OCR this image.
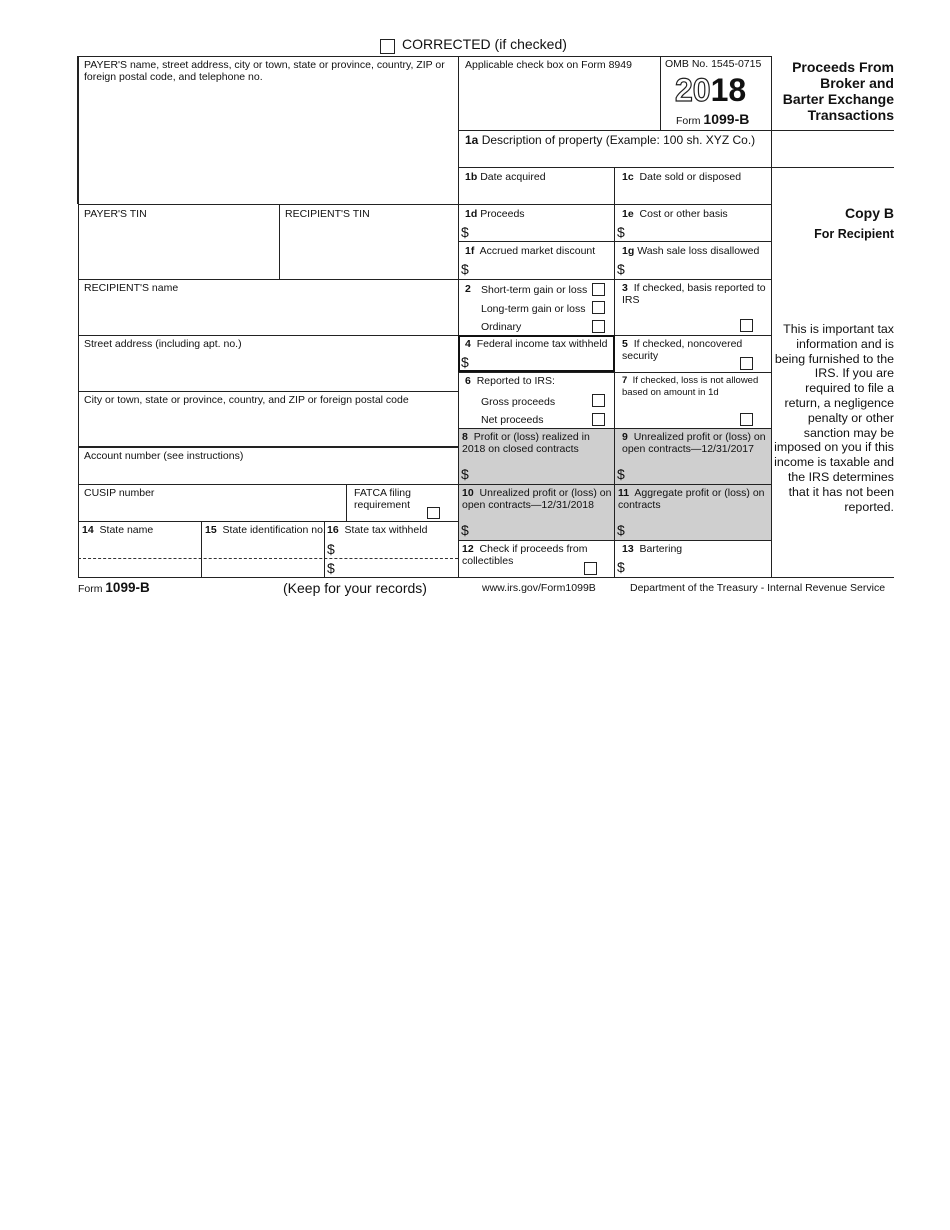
CORRECTED (if checked)
PAYER'S name, street address, city or town, state or province, country, ZIP or foreign postal code, and telephone no.
PAYER'S TIN	RECIPIENT'S TIN
RECIPIENT'S name
Street address (including apt. no.)
City or town, state or province, country, and ZIP or foreign postal code
Account number (see instructions)
CUSIP number	FATCA filing requirement
14 State name	15 State identification no. 16 State tax withheld
$
$
Applicable check box on Form 8949	OMB No. 1545-0715
2018
Form 1099-B
Proceeds From
Broker and
Barter Exchange
Transactions
1a Description of property (Example: 100 sh. XYZ Co.)
1b Date acquired	1c Date sold or disposed
1d Proceeds
$
1e Cost or other basis
$
1f Accrued market discount
$
1g Wash sale loss disallowed
$
2 Short-term gain or loss
Long-term gain or loss
Ordinary
3 If checked, basis reported to IRS
4 Federal income tax withheld
$
5 If checked, noncovered security
6 Reported to IRS:
Gross proceeds
Net proceeds
7 If checked, loss is not allowed based on amount in 1d
8 Profit or (loss) realized in 2018 on closed contracts
$
9 Unrealized profit or (loss) on open contracts—12/31/2017
$
10 Unrealized profit or (loss) on open contracts—12/31/2018
$
11 Aggregate profit or (loss) on contracts
$
12 Check if proceeds from collectibles
13 Bartering
$
Copy B
For Recipient
This is important tax information and is being furnished to the IRS. If you are required to file a return, a negligence penalty or other sanction may be imposed on you if this income is taxable and the IRS determines that it has not been reported.
Form 1099-B	(Keep for your records)	www.irs.gov/Form1099B	Department of the Treasury - Internal Revenue Service
